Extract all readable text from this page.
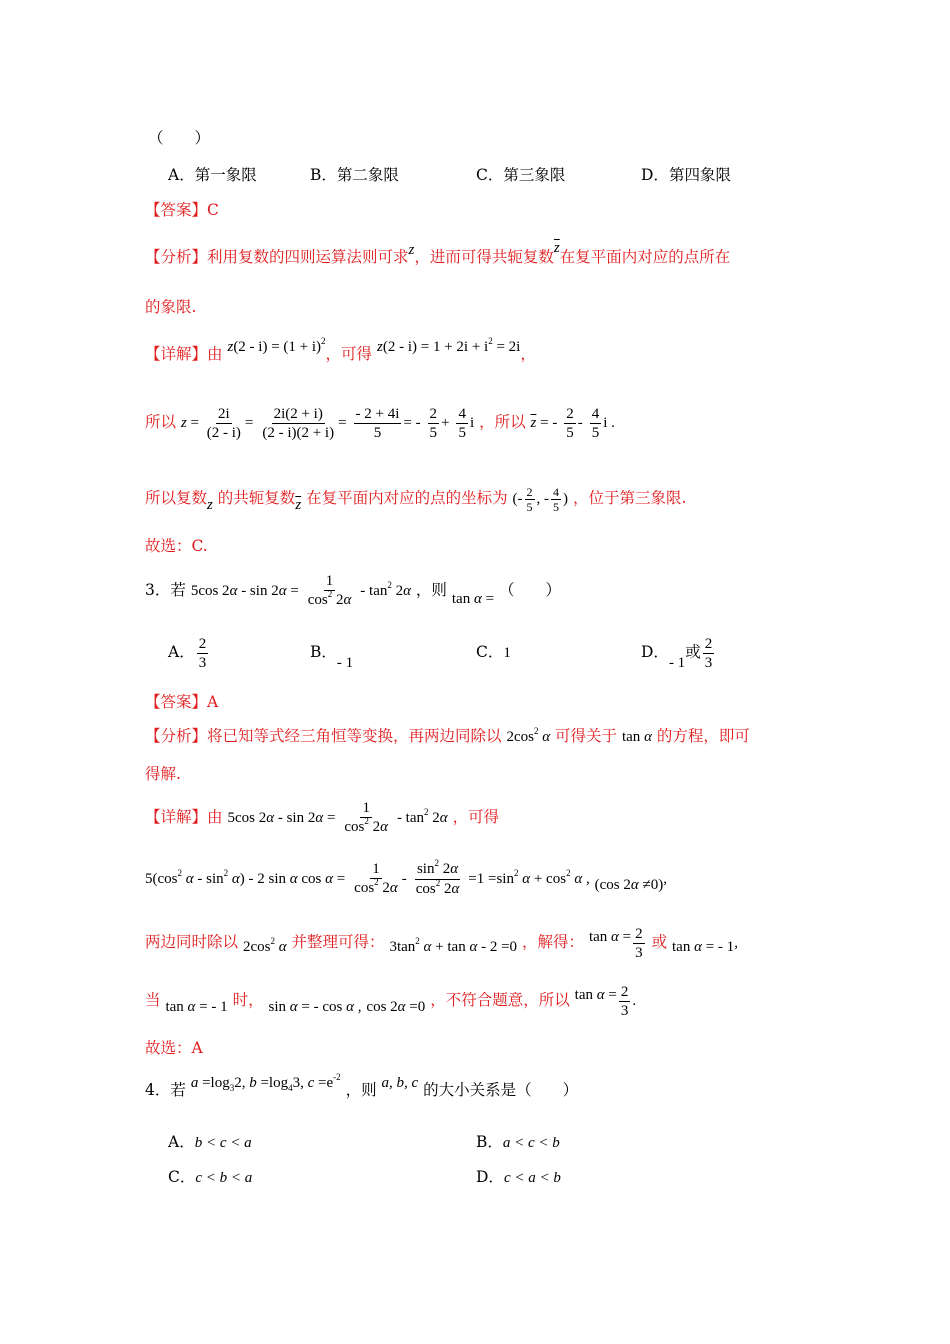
（　　）
A．第一象限	B．第二象限	C．第三象限	D．第四象限
【答案】C
【分析】利用复数的四则运算法则可求z，进而可得共轭复数$\overline{z}$在复平面内对应的点所在
的象限.
【详解】由 $z(2 - i) = (1 + i)^2$，可得 $z(2 - i) = 1 + 2i + i^2 = 2i$，
所以 $z = \frac{2i}{(2 - i)} = \frac{2i(2 + i)}{(2 - i)(2 + i)} = \frac{- 2 + 4i}{5}$ = - $\frac{2}{5} + \frac{4}{5}$ i ，所以 $\overline{z}$ = - $\frac{2}{5} - \frac{4}{5}$ i .
所以复数z 的共轭复数$\overline{z}$ 在复平面内对应的点的坐标为 (- $\frac{2}{5}$ , - $\frac{4}{5}$ ) ，位于第三象限.
故选：C.
3．若 5cos $2\alpha - \sin 2\alpha = \frac{1}{\cos^2 2\alpha} - \tan^2 2\alpha$ ，则 tan α = （　　）
A． $\frac{2}{3}$	B．- 1
C．1	D．- 1或 $\frac{2}{3}$
【答案】A
【分析】将已知等式经三角恒等变换，再两边同除以 $2\cos^2$ α 可得关于 tan α 的方程，即可
得解.
【详解】由 5cos $2\alpha - \sin 2\alpha = \frac{1}{\cos^2 2\alpha} - \tan^2 2\alpha$ ，可得
$5(\cos^2$ α - $\sin^2 \alpha) - 2$ sin α $\cos \alpha = \frac{1}{\cos^2 2\alpha} - \frac{\sin^2 2\alpha}{\cos^2 2\alpha} =1 =\sin^2$ $\alpha + \cos^2 \alpha$ , (cos 2α ≠0),
两边同时除以 $2\cos^2$ α 并整理可得： $3\tan^2$ α + tan α - 2 =0 ，解得： $\tan \alpha = \frac{2}{3}$ 或 tan α = - 1,
当 tan α = - 1 时， sin α = - cos α , cos 2α =0 ，不符合题意，所以 $\tan \alpha = \frac{2}{3}$ .
故选：A
4．若 $a =\log_32$, $b =\log_43$, $c =e^{-2}$ ，则 a, b, c 的大小关系是（　　）
A．b < c < a	B．a < c < b
C．c < b < a	D．c < a < b
